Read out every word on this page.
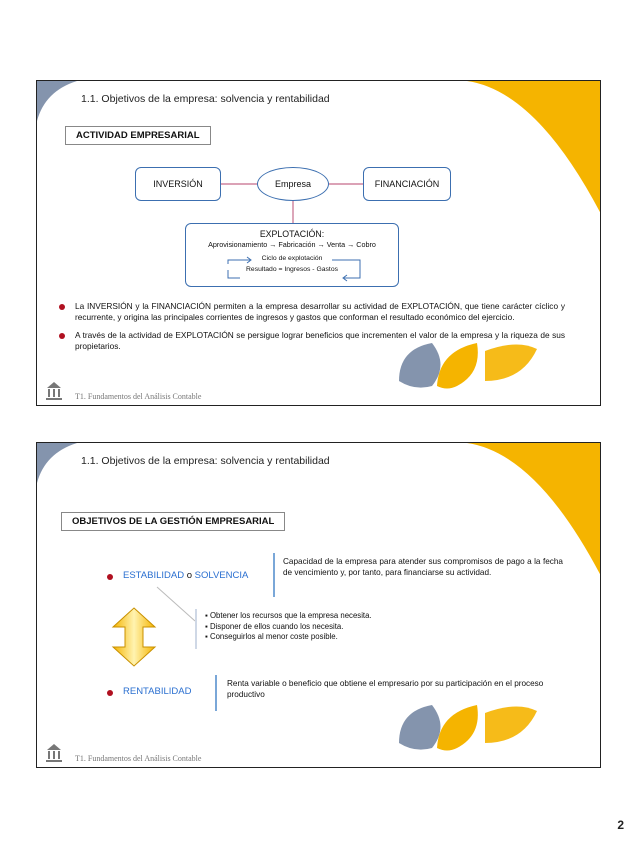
1.1. Objetivos de la empresa: solvencia y rentabilidad
ACTIVIDAD EMPRESARIAL
INVERSIÓN	Empresa	FINANCIACIÓN
EXPLOTACIÓN:
Aprovisionamiento → Fabricación → Venta → Cobro
Ciclo de explotación
Resultado = Ingresos - Gastos
La INVERSIÓN y la FINANCIACIÓN permiten a la empresa desarrollar su actividad de EXPLOTACIÓN, que tiene carácter cíclico y recurrente, y origina las principales corrientes de ingresos y gastos que conforman el resultado económico del ejercicio.
A través de la actividad de EXPLOTACIÓN se persigue lograr beneficios que incrementen el valor de la empresa y la riqueza de sus propietarios.
T1. Fundamentos del Análisis Contable
1.1. Objetivos de la empresa: solvencia y rentabilidad
OBJETIVOS DE LA GESTIÓN EMPRESARIAL
ESTABILIDAD o SOLVENCIA
Capacidad de la empresa para atender sus compromisos de pago a la fecha de vencimiento y, por tanto, para financiarse su actividad.
▪ Obtener los recursos que la empresa necesita.
▪ Disponer de ellos cuando los necesita.
▪ Conseguirlos al menor coste posible.
RENTABILIDAD
Renta variable o beneficio que obtiene el empresario por su participación en el proceso productivo
T1. Fundamentos del Análisis Contable
2
